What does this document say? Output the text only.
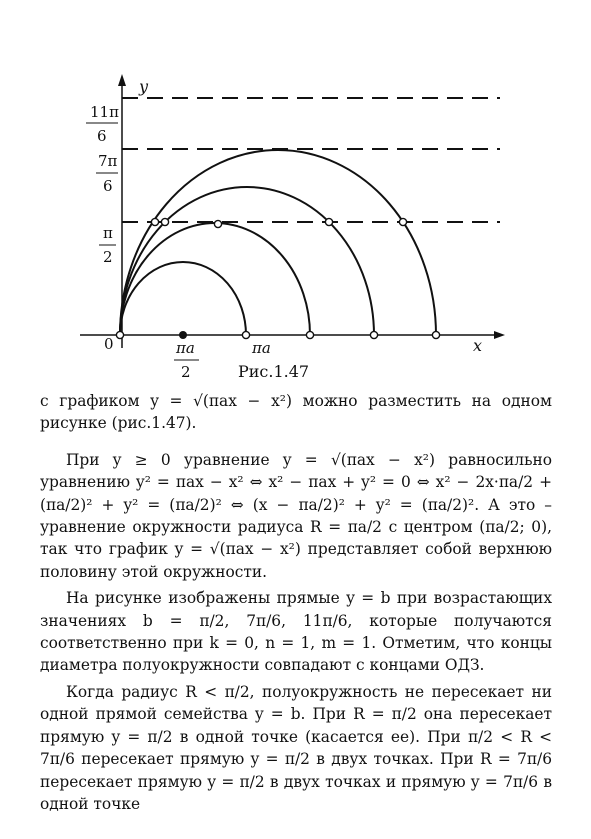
y
x
0
11π
6
7π
6
π
2
πa
2
πa
Рис.1.47

с графиком y = √(πax − x²) можно разместить на одном рисунке (рис.1.47).

При y ≥ 0 уравнение y = √(πax − x²) равносильно уравнению y² = πax − x² ⇔ x² − πax + y² = 0 ⇔ x² − 2x·πa/2 + (πa/2)² + y² = (πa/2)² ⇔ (x − πa/2)² + y² = (πa/2)². А это – уравнение окружности радиуса R = πa/2 с центром (πa/2; 0), так что график y = √(πax − x²) представляет собой верхнюю половину этой окружности.

На рисунке изображены прямые y = b при возрастающих значениях b = π/2, 7π/6, 11π/6, которые получаются соответственно при k = 0, n = 1, m = 1. Отметим, что концы диаметра полуокружности совпадают с концами ОДЗ.

Когда радиус R < π/2, полуокружность не пересекает ни одной прямой семейства y = b. При R = π/2 она пересекает прямую y = π/2 в одной точке (касается ее). При π/2 < R < 7π/6 пересекает прямую y = π/2 в двух точках. При R = 7π/6 пересекает прямую y = π/2 в двух точках и прямую y = 7π/6 в одной точке
